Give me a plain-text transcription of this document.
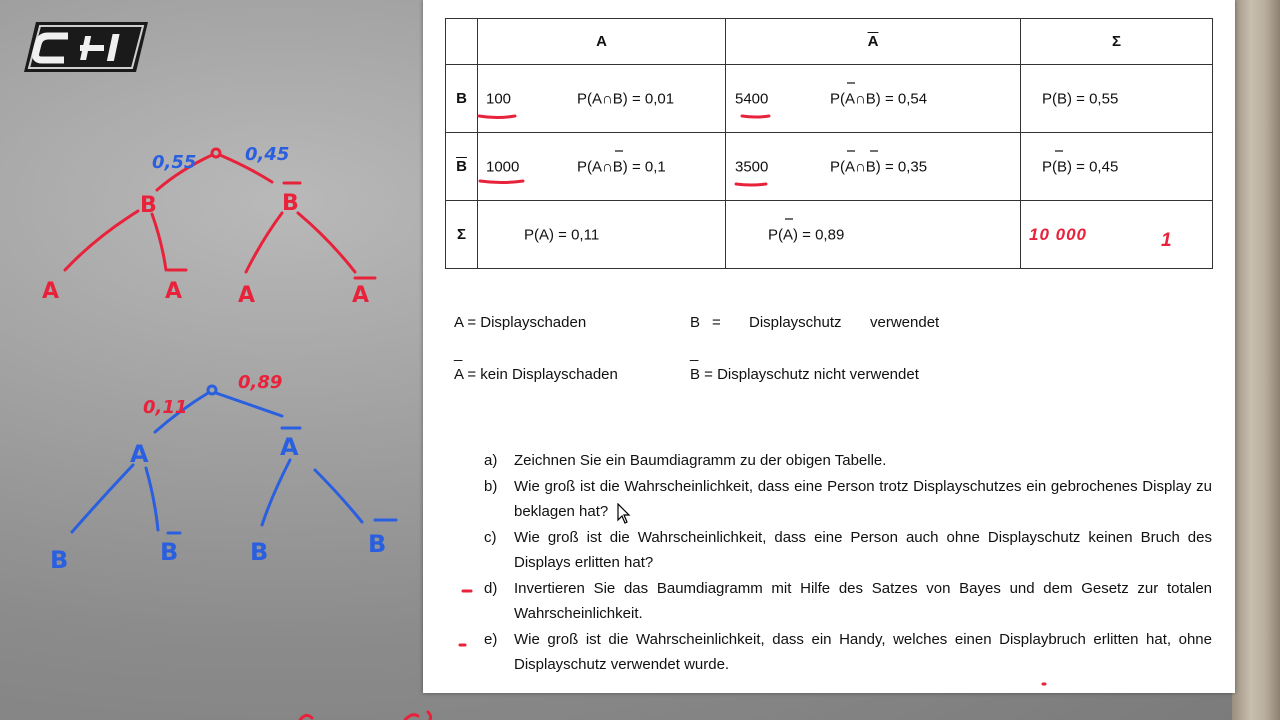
	A	$\overline{A}$	Σ
B	100 P(A∩B) = 0,01	5400 P(A∩B) = 0,54	P(B) = 0,55

$\overline{B}$	1000 P(A∩B) = 0,1	3500 P(A∩B) = 0,35	P(B) = 0,45

Σ	P(A) = 0,11	P(A) = 0,89	10 000 1
A = Displayschaden	B = Displayschutz verwendet
_	_
A = kein Displayschaden	B = Displayschutz nicht verwendet
a)	Zeichnen Sie ein Baumdiagramm zu der obigen Tabelle.
b)	Wie groß ist die Wahrscheinlichkeit, dass eine Person trotz Displayschutzes ein gebrochenes Display zu beklagen hat?
c)	Wie groß ist die Wahrscheinlichkeit, dass eine Person auch ohne Displayschutz keinen Bruch des Displays erlitten hat?
d)	Invertieren Sie das Baumdiagramm mit Hilfe des Satzes von Bayes und dem Gesetz zur totalen Wahrscheinlichkeit.
e)	Wie groß ist die Wahrscheinlichkeit, dass ein Handy, welches einen Displaybruch erlitten hat, ohne Displayschutz verwendet wurde.
0,55	0,45
B	B
A	A	A	A
0,11
0,89
A	A
B	B	B	B
